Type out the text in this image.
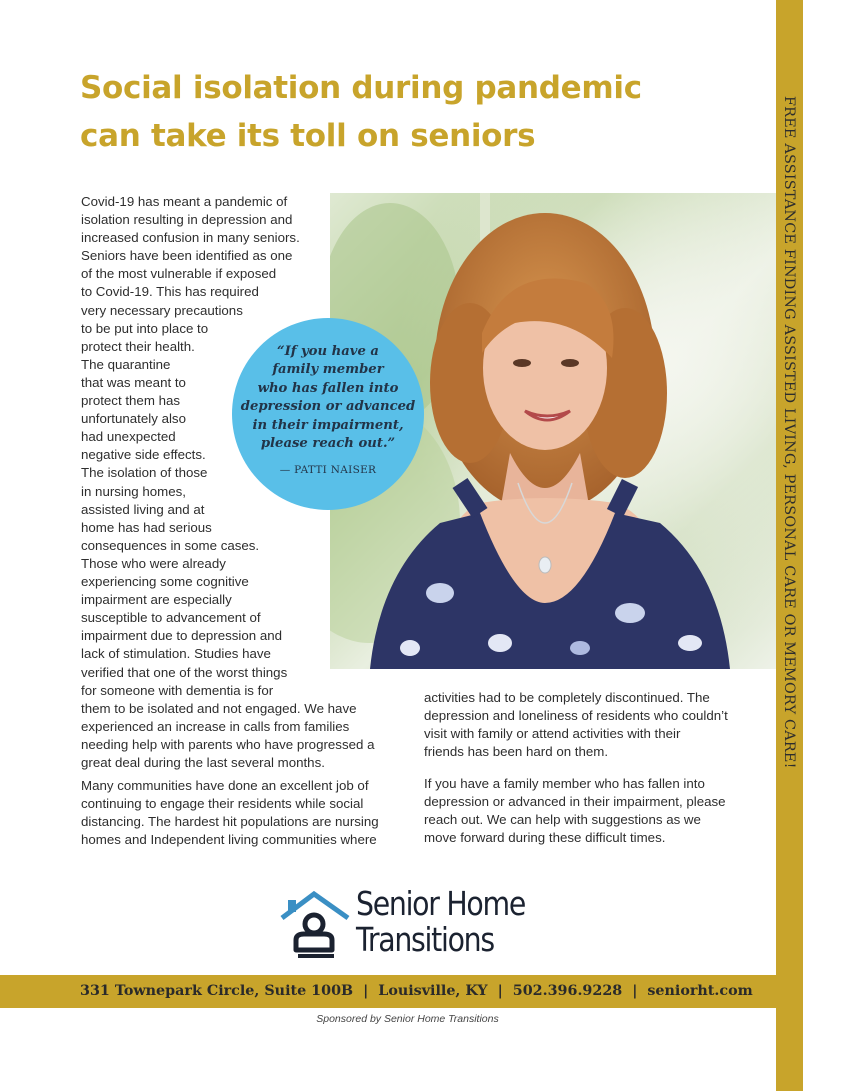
Social isolation during pandemic
can take its toll on seniors
“If you have a
family member
who has fallen into
depression or advanced
in their impairment,
please reach out.”
— PATTI NAISER
Covid-19 has meant a pandemic of
isolation resulting in depression and
increased confusion in many seniors.
Seniors have been identified as one
of the most vulnerable if exposed
to Covid-19. This has required
very necessary precautions
to be put into place to
protect their health.
The quarantine
that was meant to
protect them has
unfortunately also
had unexpected
negative side effects.
The isolation of those
in nursing homes,
assisted living and at
home has had serious
consequences in some cases.
Those who were already
experiencing some cognitive
impairment are especially
susceptible to advancement of
impairment due to depression and
lack of stimulation. Studies have
verified that one of the worst things
for someone with dementia is for
them to be isolated and not engaged. We have
experienced an increase in calls from families
needing help with parents who have progressed a
great deal during the last several months.
Many communities have done an excellent job of
continuing to engage their residents while social
distancing. The hardest hit populations are nursing
homes and Independent living communities where
activities had to be completely discontinued. The
depression and loneliness of residents who couldn’t
visit with family or attend activities with their
friends has been hard on them.
If you have a family member who has fallen into
depression or advanced in their impairment, please
reach out. We can help with suggestions as we
move forward during these difficult times.
FREE ASSISTANCE FINDING ASSISTED LIVING, PERSONAL CARE OR MEMORY CARE!
Senior Home
Transitions
331 Townepark Circle, Suite 100B | Louisville, KY | 502.396.9228 | seniorht.com
Sponsored by Senior Home Transitions
